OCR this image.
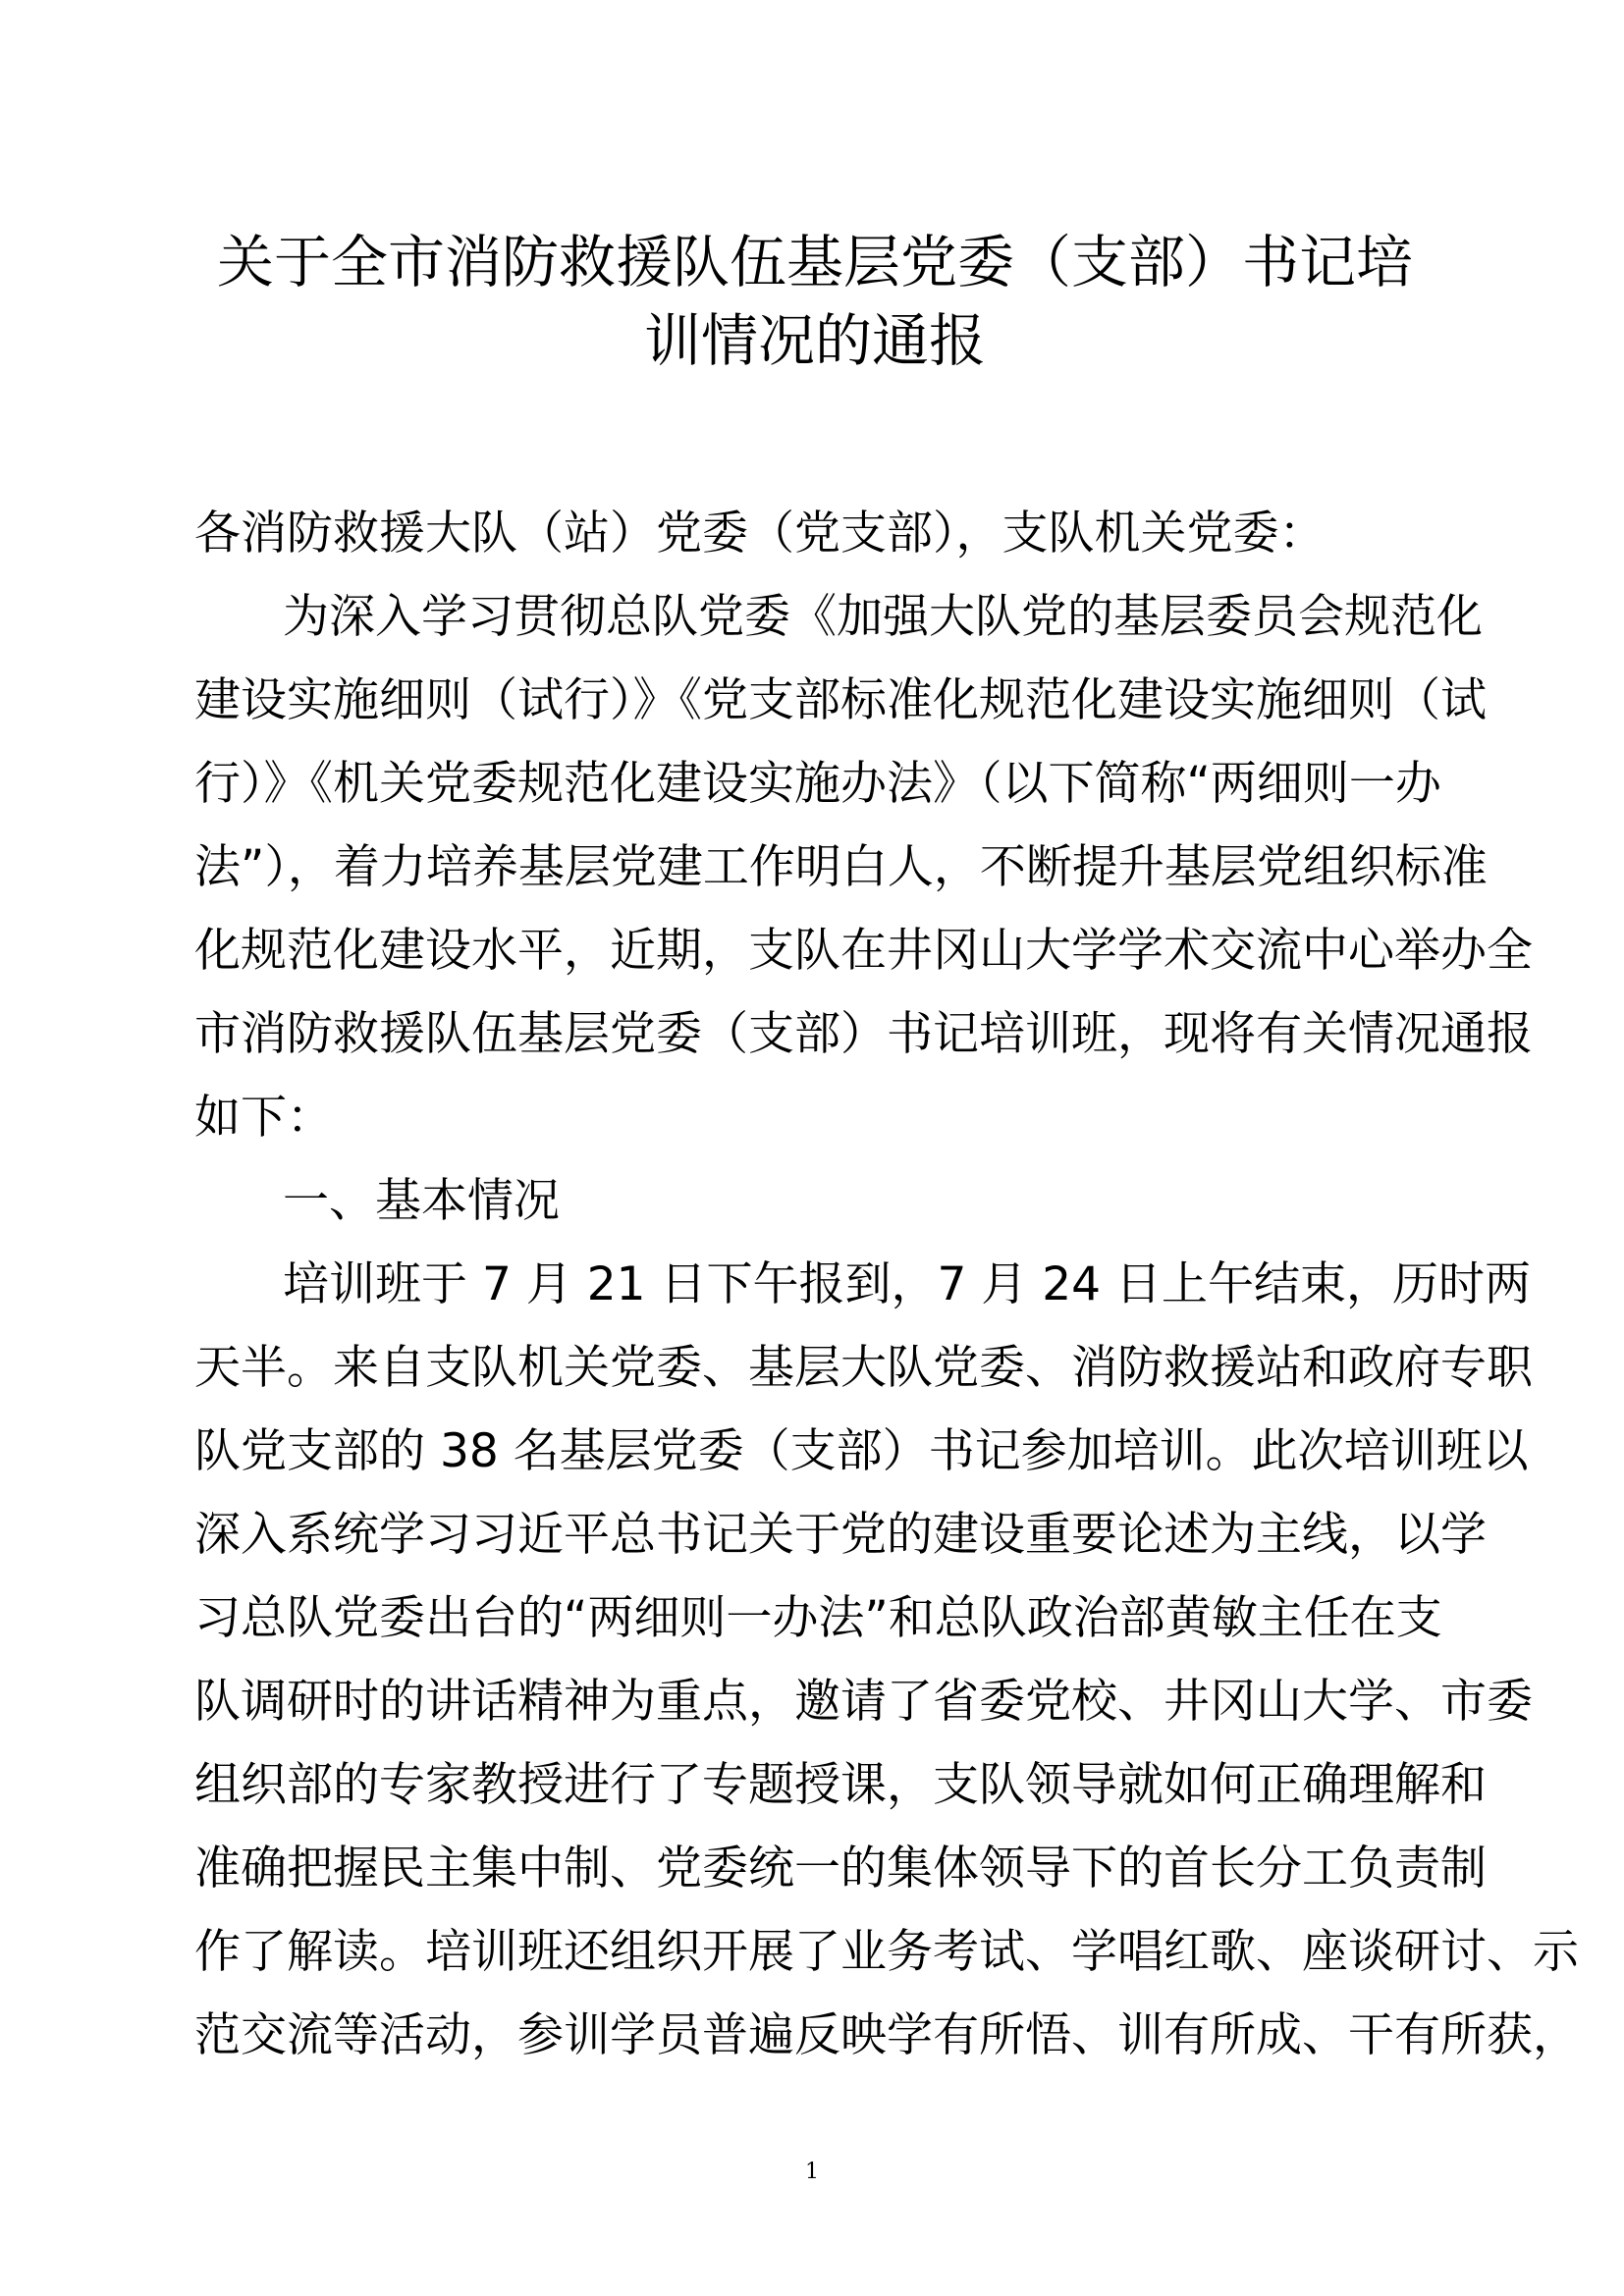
关于全市消防救援队伍基层党委（支部）书记培
训情况的通报
各消防救援大队（站）党委（党支部），支队机关党委：
为深入学习贯彻总队党委《加强大队党的基层委员会规范化
建设实施细则（试行）》《党支部标准化规范化建设实施细则（试
行）》《机关党委规范化建设实施办法》（以下简称“两细则一办
法”），着力培养基层党建工作明白人，不断提升基层党组织标准
化规范化建设水平，近期，支队在井冈山大学学术交流中心举办全
市消防救援队伍基层党委（支部）书记培训班，现将有关情况通报
如下：
一、基本情况
培训班于 7 月 21 日下午报到，7 月 24 日上午结束，历时两
天半。来自支队机关党委、基层大队党委、消防救援站和政府专职
队党支部的 38 名基层党委（支部）书记参加培训。此次培训班以
深入系统学习习近平总书记关于党的建设重要论述为主线，以学
习总队党委出台的“两细则一办法”和总队政治部黄敏主任在支
队调研时的讲话精神为重点，邀请了省委党校、井冈山大学、市委
组织部的专家教授进行了专题授课，支队领导就如何正确理解和
准确把握民主集中制、党委统一的集体领导下的首长分工负责制
作了解读。培训班还组织开展了业务考试、学唱红歌、座谈研讨、示
范交流等活动，参训学员普遍反映学有所悟、训有所成、干有所获，
1
